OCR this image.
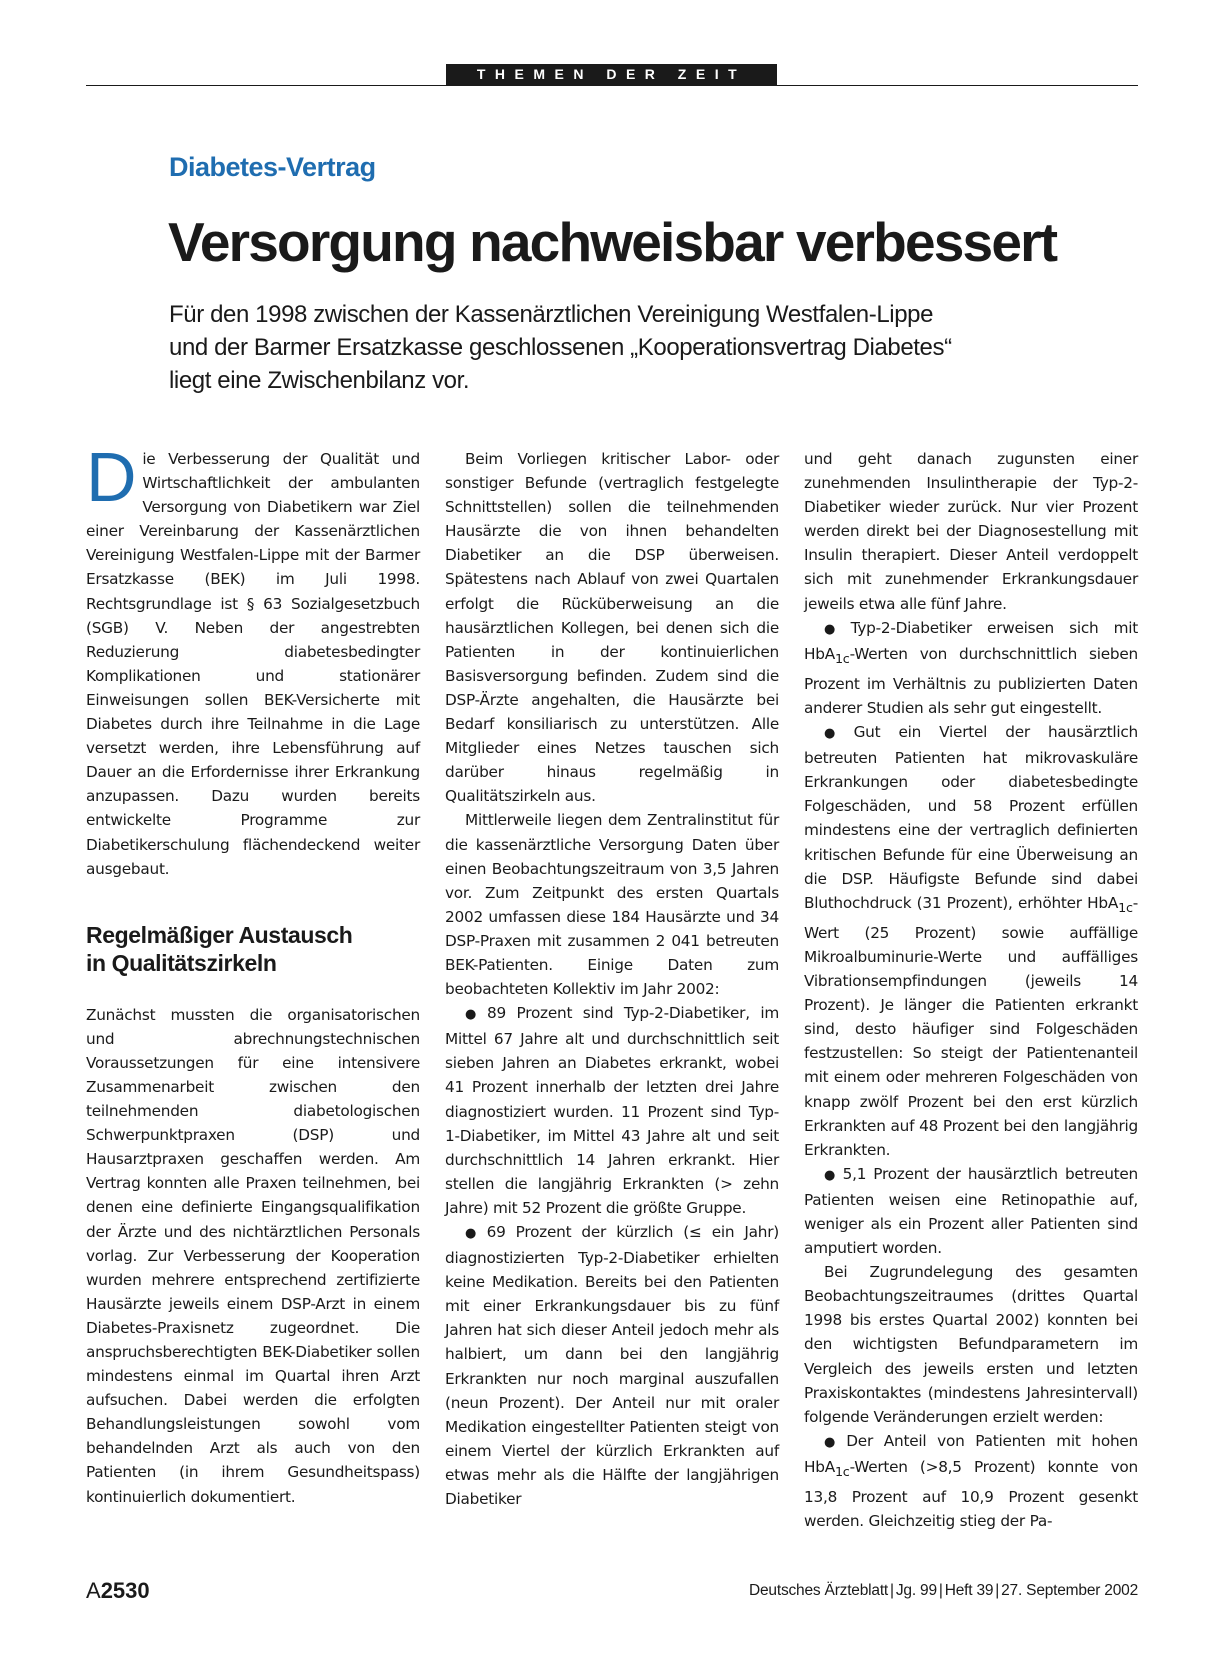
THEMEN DER ZEIT
Diabetes-Vertrag
Versorgung nachweisbar verbessert
Für den 1998 zwischen der Kassenärztlichen Vereinigung Westfalen-Lippe
und der Barmer Ersatzkasse geschlossenen „Kooperationsvertrag Diabetes“
liegt eine Zwischenbilanz vor.

Die Verbesserung der Qualität und Wirtschaftlichkeit der ambulanten Versorgung von Diabetikern war Ziel einer Vereinbarung der Kassenärztlichen Vereinigung Westfalen-Lippe mit der Barmer Ersatzkasse (BEK) im Juli 1998. Rechtsgrundlage ist § 63 Sozialgesetzbuch (SGB) V. Neben der angestrebten Reduzierung diabetesbedingter Komplikationen und stationärer Einweisungen sollen BEK-Versicherte mit Diabetes durch ihre Teilnahme in die Lage versetzt werden, ihre Lebensführung auf Dauer an die Erfordernisse ihrer Erkrankung anzupassen. Dazu wurden bereits entwickelte Programme zur Diabetikerschulung flächendeckend weiter ausgebaut.

Regelmäßiger Austausch
in Qualitätszirkeln

Zunächst mussten die organisatorischen und abrechnungstechnischen Voraussetzungen für eine intensivere Zusammenarbeit zwischen den teilnehmenden diabetologischen Schwerpunktpraxen (DSP) und Hausarztpraxen geschaffen werden. Am Vertrag konnten alle Praxen teilnehmen, bei denen eine definierte Eingangsqualifikation der Ärzte und des nichtärztlichen Personals vorlag. Zur Verbesserung der Kooperation wurden mehrere entsprechend zertifizierte Hausärzte jeweils einem DSP-Arzt in einem Diabetes-Praxisnetz zugeordnet. Die anspruchsberechtigten BEK-Diabetiker sollen mindestens einmal im Quartal ihren Arzt aufsuchen. Dabei werden die erfolgten Behandlungsleistungen sowohl vom behandelnden Arzt als auch von den Patienten (in ihrem Gesundheitspass) kontinuierlich dokumentiert.

Beim Vorliegen kritischer Labor- oder sonstiger Befunde (vertraglich festgelegte Schnittstellen) sollen die teilnehmenden Hausärzte die von ihnen behandelten Diabetiker an die DSP überweisen. Spätestens nach Ablauf von zwei Quartalen erfolgt die Rücküberweisung an die hausärztlichen Kollegen, bei denen sich die Patienten in der kontinuierlichen Basisversorgung befinden. Zudem sind die DSP-Ärzte angehalten, die Hausärzte bei Bedarf konsiliarisch zu unterstützen. Alle Mitglieder eines Netzes tauschen sich darüber hinaus regelmäßig in Qualitätszirkeln aus.

Mittlerweile liegen dem Zentralinstitut für die kassenärztliche Versorgung Daten über einen Beobachtungszeitraum von 3,5 Jahren vor. Zum Zeitpunkt des ersten Quartals 2002 umfassen diese 184 Hausärzte und 34 DSP-Praxen mit zusammen 2 041 betreuten BEK-Patienten. Einige Daten zum beobachteten Kollektiv im Jahr 2002:

● 89 Prozent sind Typ-2-Diabetiker, im Mittel 67 Jahre alt und durchschnittlich seit sieben Jahren an Diabetes erkrankt, wobei 41 Prozent innerhalb der letzten drei Jahre diagnostiziert wurden. 11 Prozent sind Typ-1-Diabetiker, im Mittel 43 Jahre alt und seit durchschnittlich 14 Jahren erkrankt. Hier stellen die langjährig Erkrankten (> zehn Jahre) mit 52 Prozent die größte Gruppe.

● 69 Prozent der kürzlich (≤ ein Jahr) diagnostizierten Typ-2-Diabetiker erhielten keine Medikation. Bereits bei den Patienten mit einer Erkrankungsdauer bis zu fünf Jahren hat sich dieser Anteil jedoch mehr als halbiert, um dann bei den langjährig Erkrankten nur noch marginal auszufallen (neun Prozent). Der Anteil nur mit oraler Medikation eingestellter Patienten steigt von einem Viertel der kürzlich Erkrankten auf etwas mehr als die Hälfte der langjährigen Diabetiker

und geht danach zugunsten einer zunehmenden Insulintherapie der Typ-2-Diabetiker wieder zurück. Nur vier Prozent werden direkt bei der Diagnosestellung mit Insulin therapiert. Dieser Anteil verdoppelt sich mit zunehmender Erkrankungsdauer jeweils etwa alle fünf Jahre.

● Typ-2-Diabetiker erweisen sich mit HbA$_{1c}$-Werten von durchschnittlich sieben Prozent im Verhältnis zu publizierten Daten anderer Studien als sehr gut eingestellt.

● Gut ein Viertel der hausärztlich betreuten Patienten hat mikrovaskuläre Erkrankungen oder diabetesbedingte Folgeschäden, und 58 Prozent erfüllen mindestens eine der vertraglich definierten kritischen Befunde für eine Überweisung an die DSP. Häufigste Befunde sind dabei Bluthochdruck (31 Prozent), erhöhter HbA$_{1c}$-Wert (25 Prozent) sowie auffällige Mikroalbuminurie-Werte und auffälliges Vibrationsempfindungen (jeweils 14 Prozent). Je länger die Patienten erkrankt sind, desto häufiger sind Folgeschäden festzustellen: So steigt der Patientenanteil mit einem oder mehreren Folgeschäden von knapp zwölf Prozent bei den erst kürzlich Erkrankten auf 48 Prozent bei den langjährig Erkrankten.

● 5,1 Prozent der hausärztlich betreuten Patienten weisen eine Retinopathie auf, weniger als ein Prozent aller Patienten sind amputiert worden.

Bei Zugrundelegung des gesamten Beobachtungszeitraumes (drittes Quartal 1998 bis erstes Quartal 2002) konnten bei den wichtigsten Befundparametern im Vergleich des jeweils ersten und letzten Praxiskontaktes (mindestens Jahresintervall) folgende Veränderungen erzielt werden:

● Der Anteil von Patienten mit hohen HbA$_{1c}$-Werten (>8,5 Prozent) konnte von 13,8 Prozent auf 10,9 Prozent gesenkt werden. Gleichzeitig stieg der Pa-

A2530	Deutsches Ärzteblatt | Jg. 99 | Heft 39 | 27. September 2002
